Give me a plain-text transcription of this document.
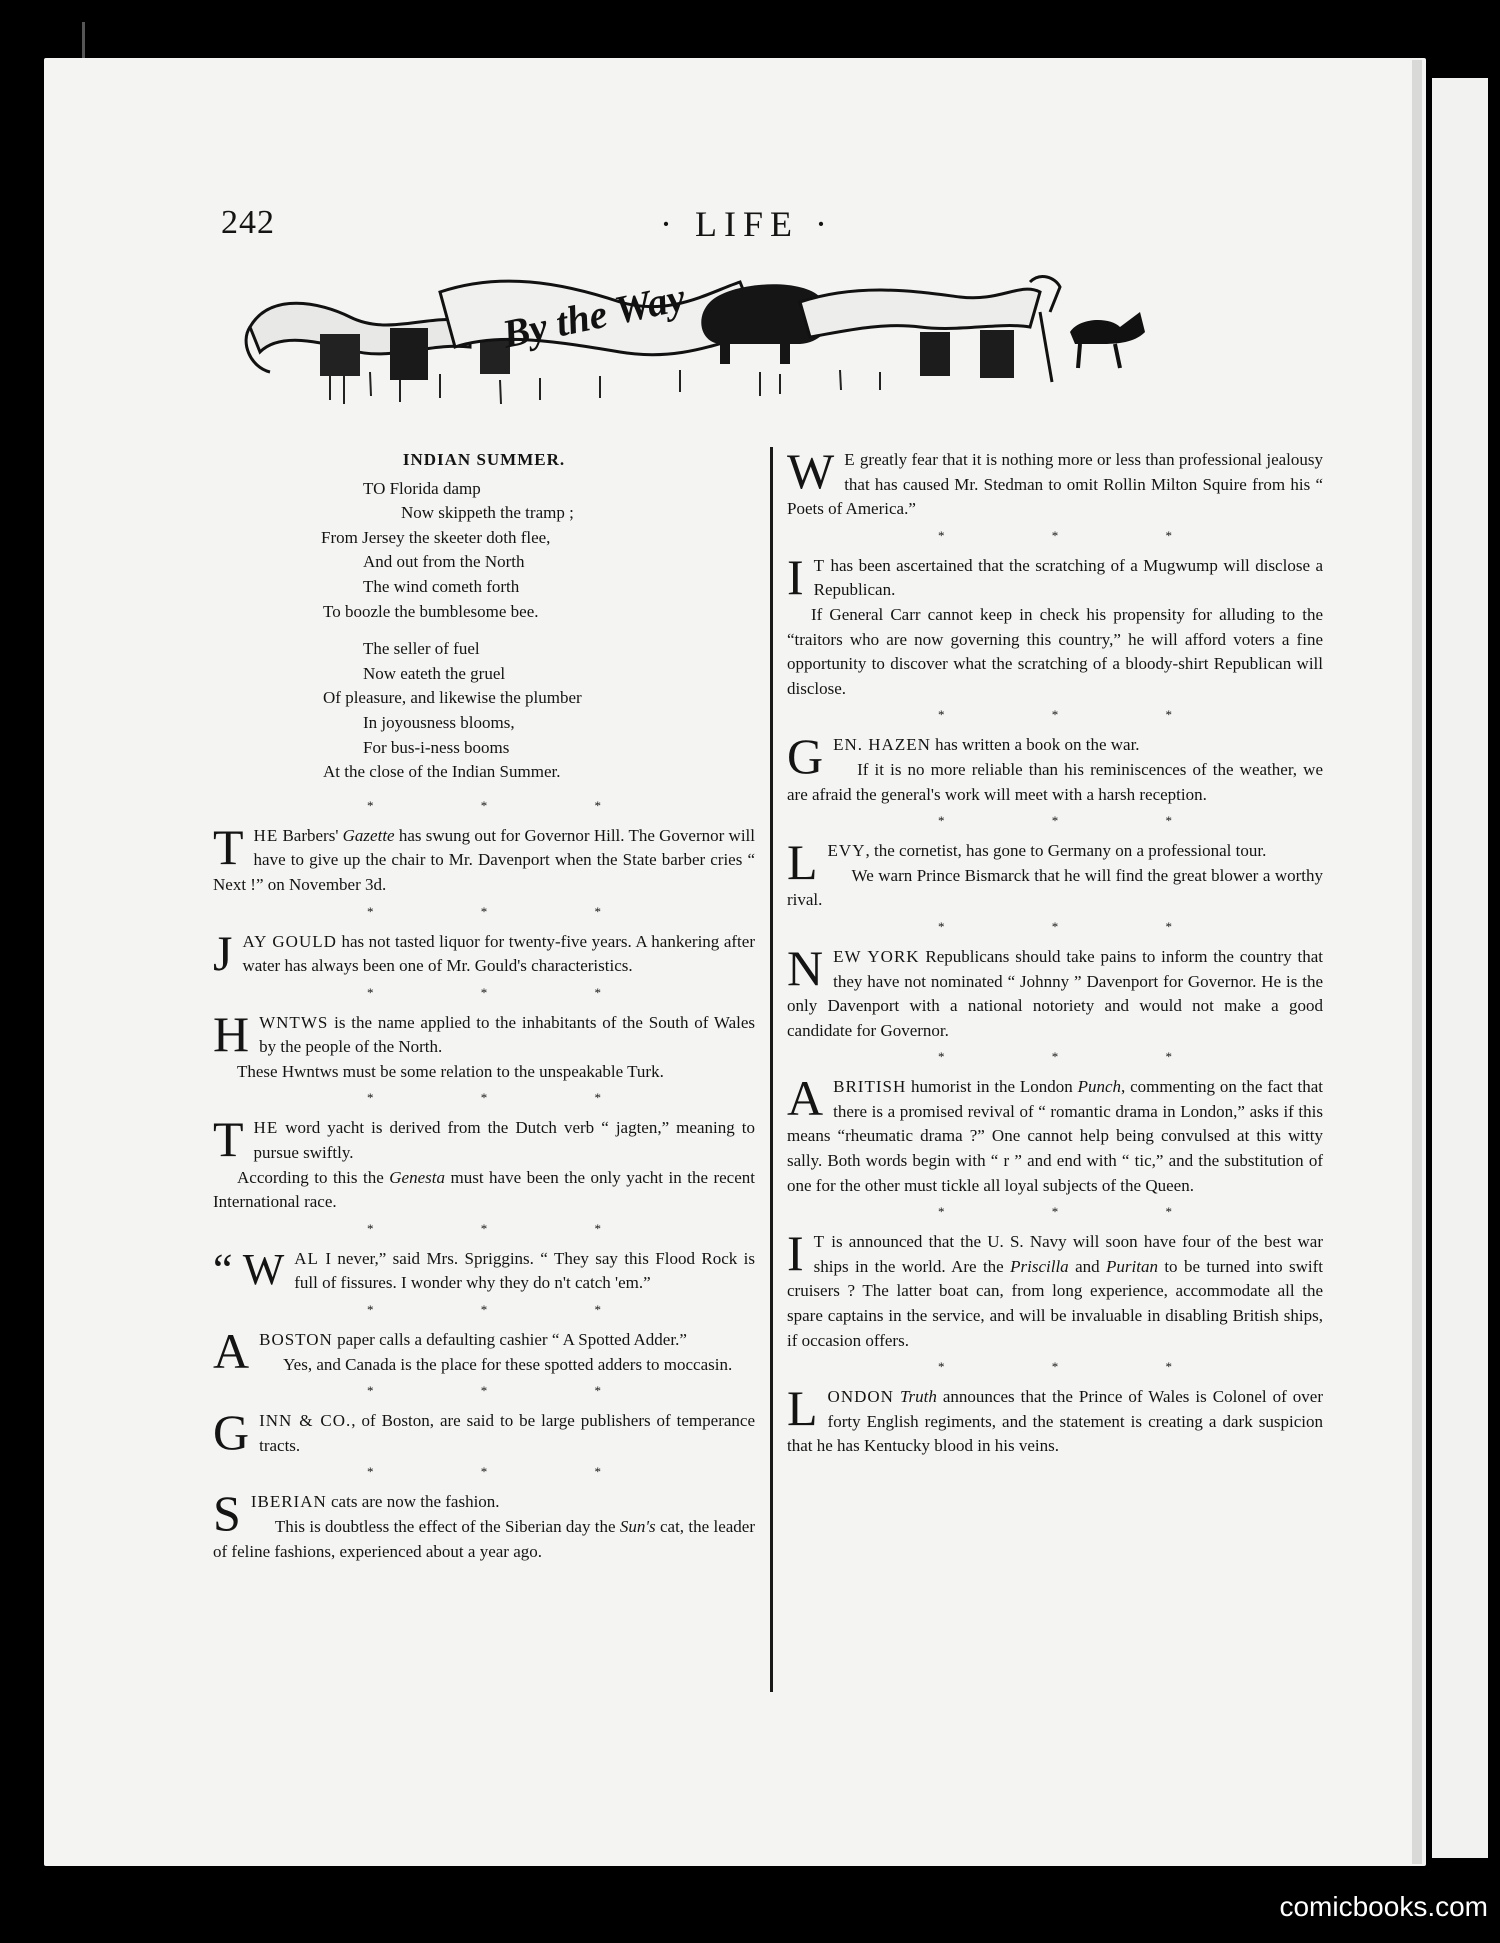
242	· LIFE ·
By the Way
INDIAN SUMMER.
TO Florida damp
Now skippeth the tramp ;
From Jersey the skeeter doth flee,
And out from the North
The wind cometh forth
To boozle the bumblesome bee.
The seller of fuel
Now eateth the gruel
Of pleasure, and likewise the plumber
In joyousness blooms,
For bus-i-ness booms
At the close of the Indian Summer.
* * *

THE Barbers' Gazette has swung out for Governor Hill. The Governor will have to give up the chair to Mr. Davenport when the State barber cries “ Next !” on November 3d.

* * *

JAY GOULD has not tasted liquor for twenty-five years. A hankering after water has always been one of Mr. Gould's characteristics.

* * *

HWNTWS is the name applied to the inhabitants of the South of Wales by the people of the North.

These Hwntws must be some relation to the unspeakable Turk.

* * *

THE word yacht is derived from the Dutch verb “ jagten,” meaning to pursue swiftly.

According to this the Genesta must have been the only yacht in the recent International race.

* * *

“ W AL I never,” said Mrs. Spriggins. “ They say this Flood Rock is full of fissures. I wonder why they do n't catch 'em.”

* * *

ABOSTON paper calls a defaulting cashier “ A Spotted Adder.”

Yes, and Canada is the place for these spotted adders to moccasin.

* * *

GINN & CO., of Boston, are said to be large publishers of temperance tracts.

* * *

SIBERIAN cats are now the fashion.

This is doubtless the effect of the Siberian day the Sun's cat, the leader of feline fashions, experienced about a year ago.

W E greatly fear that it is nothing more or less than professional jealousy that has caused Mr. Stedman to omit Rollin Milton Squire from his “ Poets of America.”

* * *

I T has been ascertained that the scratching of a Mugwump will disclose a Republican.

If General Carr cannot keep in check his propensity for alluding to the “traitors who are now governing this country,” he will afford voters a fine opportunity to discover what the scratching of a bloody-shirt Republican will disclose.

* * *

GEN. HAZEN has written a book on the war.

If it is no more reliable than his reminiscences of the weather, we are afraid the general's work will meet with a harsh reception.

* * *

LEVY, the cornetist, has gone to Germany on a professional tour.

We warn Prince Bismarck that he will find the great blower a worthy rival.

* * *

NEW YORK Republicans should take pains to inform the country that they have not nominated “ Johnny ” Davenport for Governor. He is the only Davenport with a national notoriety and would not make a good candidate for Governor.

* * *

ABRITISH humorist in the London Punch, commenting on the fact that there is a promised revival of “ romantic drama in London,” asks if this means “rheumatic drama ?” One cannot help being convulsed at this witty sally. Both words begin with “ r ” and end with “ tic,” and the substitution of one for the other must tickle all loyal subjects of the Queen.

* * *

I T is announced that the U. S. Navy will soon have four of the best war ships in the world. Are the Priscilla and Puritan to be turned into swift cruisers ? The latter boat can, from long experience, accommodate all the spare captains in the service, and will be invaluable in disabling British ships, if occasion offers.

* * *

LONDON Truth announces that the Prince of Wales is Colonel of over forty English regiments, and the statement is creating a dark suspicion that he has Kentucky blood in his veins.

comicbooks.com
